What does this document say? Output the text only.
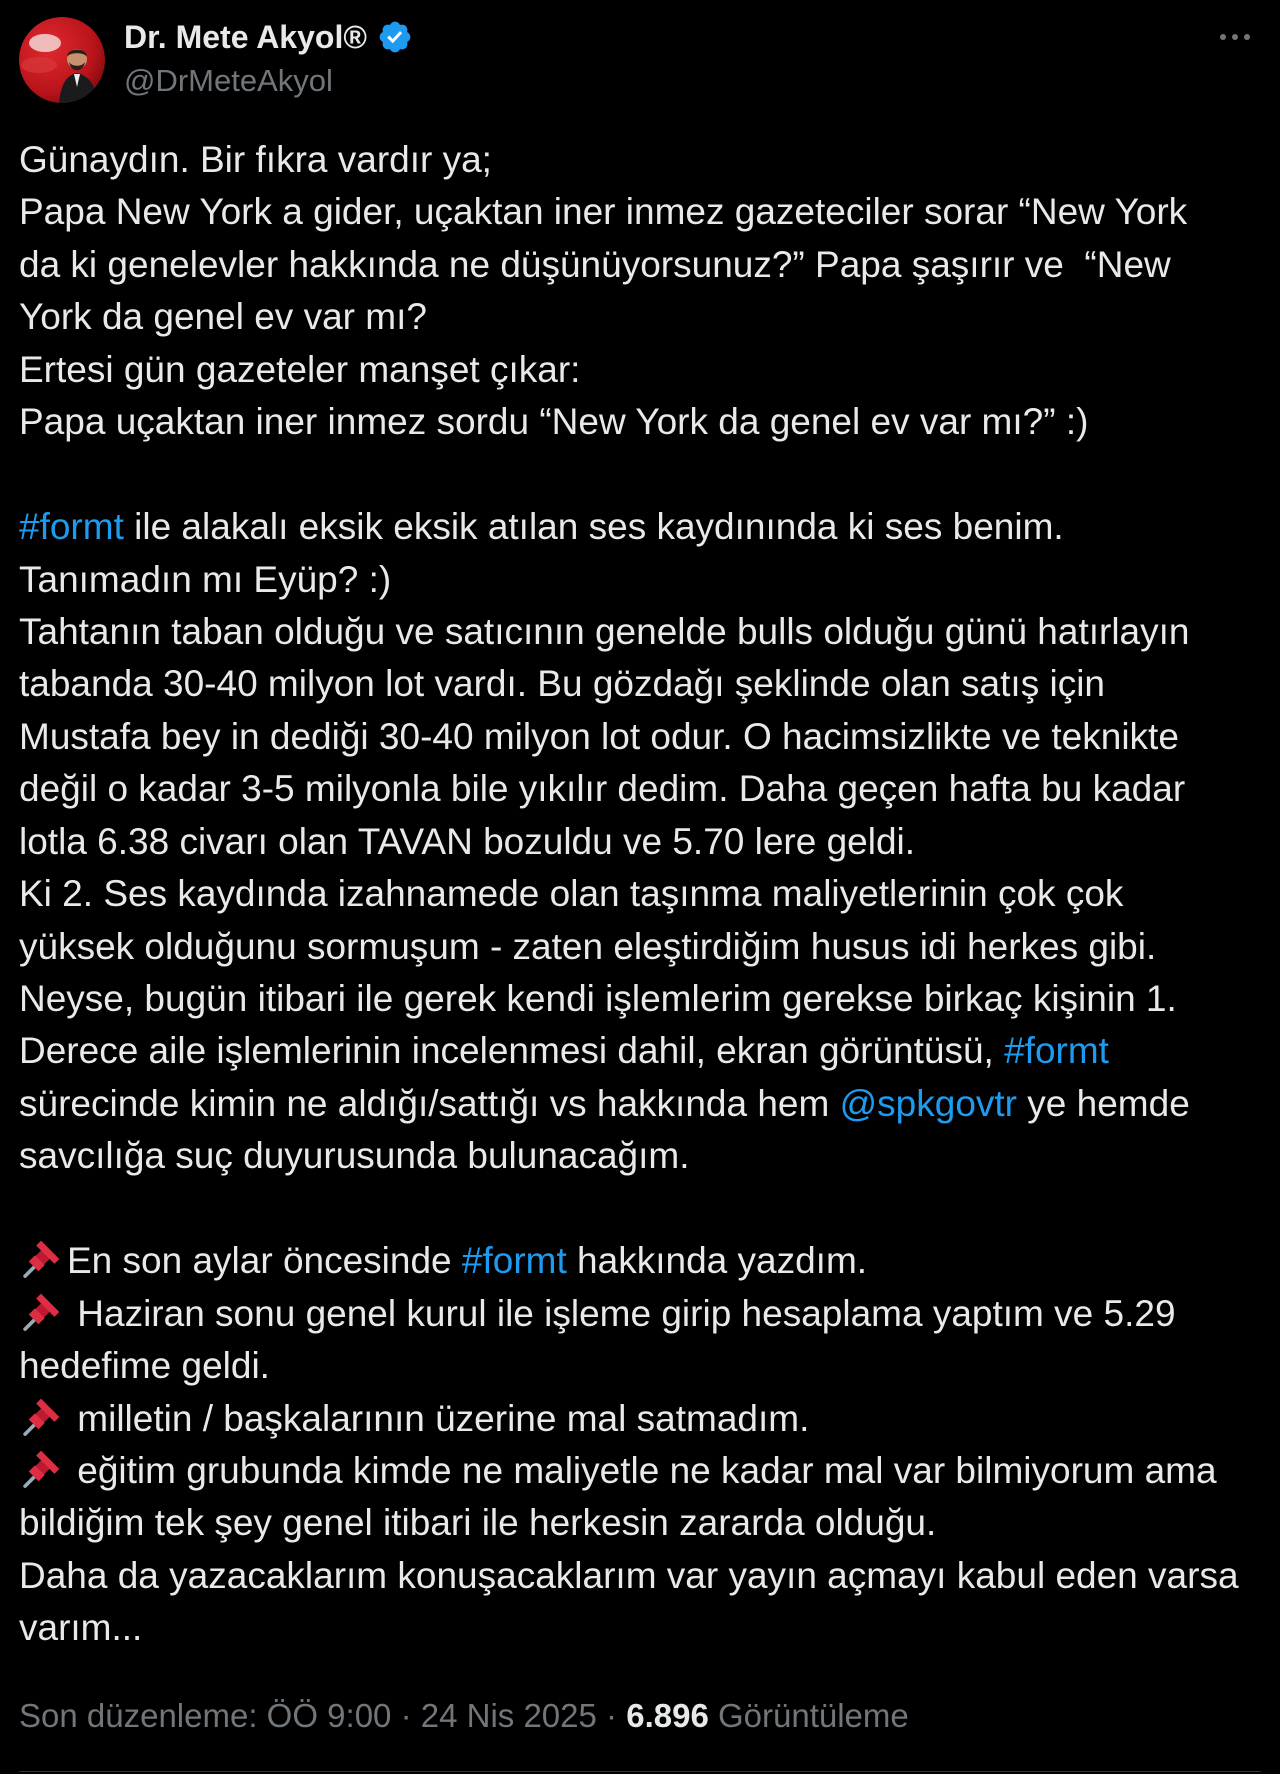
Dr. Mete Akyol®
@DrMeteAkyol
Günaydın. Bir fıkra vardır ya;
Papa New York a gider, uçaktan iner inmez gazeteciler sorar “New York
da ki genelevler hakkında ne düşünüyorsunuz?” Papa şaşırır ve  “New
York da genel ev var mı?
Ertesi gün gazeteler manşet çıkar:
Papa uçaktan iner inmez sordu “New York da genel ev var mı?” :)
#formt ile alakalı eksik eksik atılan ses kaydınında ki ses benim.
Tanımadın mı Eyüp? :)
Tahtanın taban olduğu ve satıcının genelde bulls olduğu günü hatırlayın
tabanda 30-40 milyon lot vardı. Bu gözdağı şeklinde olan satış için
Mustafa bey in dediği 30-40 milyon lot odur. O hacimsizlikte ve teknikte
değil o kadar 3-5 milyonla bile yıkılır dedim. Daha geçen hafta bu kadar
lotla 6.38 civarı olan TAVAN bozuldu ve 5.70 lere geldi.
Ki 2. Ses kaydında izahnamede olan taşınma maliyetlerinin çok çok
yüksek olduğunu sormuşum - zaten eleştirdiğim husus idi herkes gibi.
Neyse, bugün itibari ile gerek kendi işlemlerim gerekse birkaç kişinin 1.
Derece aile işlemlerinin incelenmesi dahil, ekran görüntüsü, #formt
sürecinde kimin ne aldığı/sattığı vs hakkında hem @spkgovtr ye hemde
savcılığa suç duyurusunda bulunacağım.
En son aylar öncesinde #formt hakkında yazdım.
Haziran sonu genel kurul ile işleme girip hesaplama yaptım ve 5.29
hedefime geldi.
milletin / başkalarının üzerine mal satmadım.
eğitim grubunda kimde ne maliyetle ne kadar mal var bilmiyorum ama
bildiğim tek şey genel itibari ile herkesin zararda olduğu.
Daha da yazacaklarım konuşacaklarım var yayın açmayı kabul eden varsa
varım...
Son düzenleme: ÖÖ 9:00 · 24 Nis 2025 · 6.896 Görüntüleme
